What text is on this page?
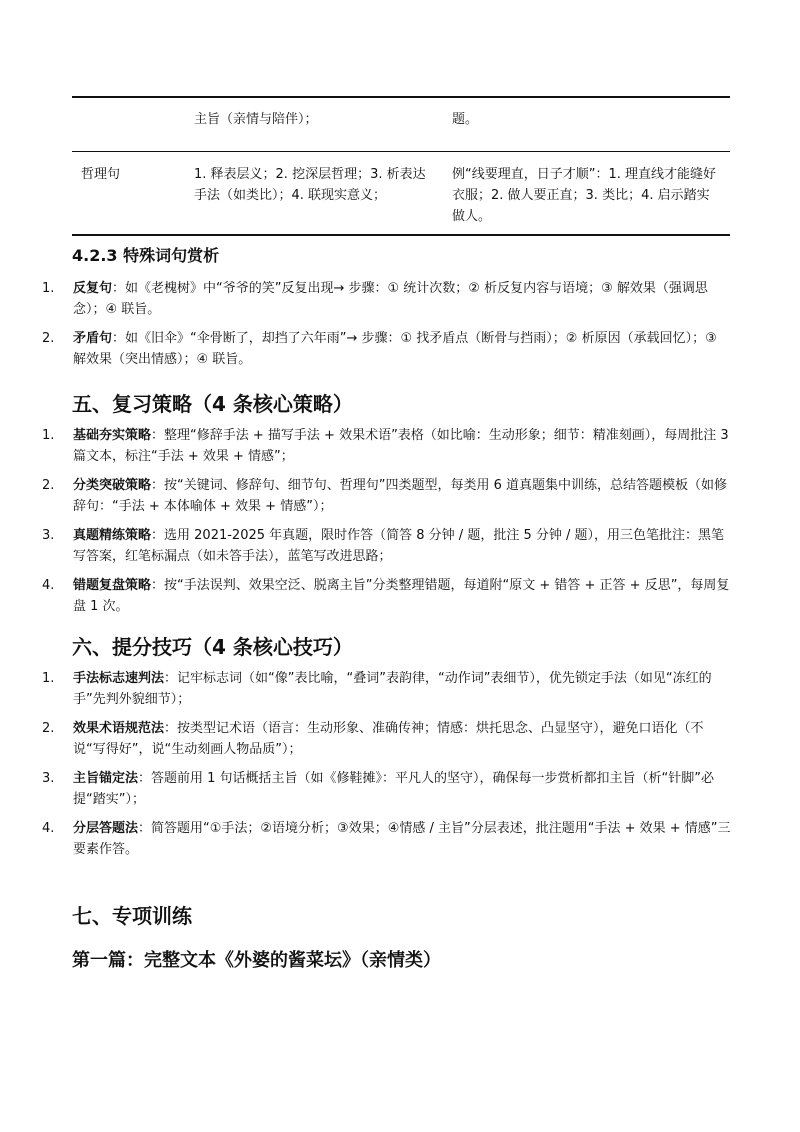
	主旨（亲情与陪伴）；	题。
哲理句	1. 释表层义；2. 挖深层哲理；3. 析表达手法（如类比）；4. 联现实意义；	例“线要理直，日子才顺”：1. 理直线才能缝好衣服；2. 做人要正直；3. 类比；4. 启示踏实做人。
4.2.3 特殊词句赏析
1. 反复句：如《老槐树》中“爷爷的笑”反复出现→ 步骤：① 统计次数；② 析反复内容与语境；③ 解效果（强调思念）；④ 联旨。
2. 矛盾句：如《旧伞》“伞骨断了，却挡了六年雨”→ 步骤：① 找矛盾点（断骨与挡雨）；② 析原因（承载回忆）；③ 解效果（突出情感）；④ 联旨。
五、复习策略（4 条核心策略）
1. 基础夯实策略：整理“修辞手法 + 描写手法 + 效果术语”表格（如比喻：生动形象；细节：精准刻画），每周批注 3 篇文本，标注“手法 + 效果 + 情感”；
2. 分类突破策略：按“关键词、修辞句、细节句、哲理句”四类题型，每类用 6 道真题集中训练，总结答题模板（如修辞句：“手法 + 本体喻体 + 效果 + 情感”）；
3. 真题精练策略：选用 2021-2025 年真题，限时作答（简答 8 分钟 / 题，批注 5 分钟 / 题），用三色笔批注：黑笔写答案，红笔标漏点（如未答手法），蓝笔写改进思路；
4. 错题复盘策略：按“手法误判、效果空泛、脱离主旨”分类整理错题，每道附“原文 + 错答 + 正答 + 反思”，每周复盘 1 次。
六、提分技巧（4 条核心技巧）
1. 手法标志速判法：记牢标志词（如“像”表比喻，“叠词”表韵律，“动作词”表细节），优先锁定手法（如见“冻红的手”先判外貌细节）；
2. 效果术语规范法：按类型记术语（语言：生动形象、准确传神；情感：烘托思念、凸显坚守），避免口语化（不说“写得好”，说“生动刻画人物品质”）；
3. 主旨锚定法：答题前用 1 句话概括主旨（如《修鞋摊》：平凡人的坚守），确保每一步赏析都扣主旨（析“针脚”必提“踏实”）；
4. 分层答题法：简答题用“①手法；②语境分析；③效果；④情感 / 主旨”分层表述，批注题用“手法 + 效果 + 情感”三要素作答。
七、专项训练
第一篇：完整文本《外婆的酱菜坛》（亲情类）
